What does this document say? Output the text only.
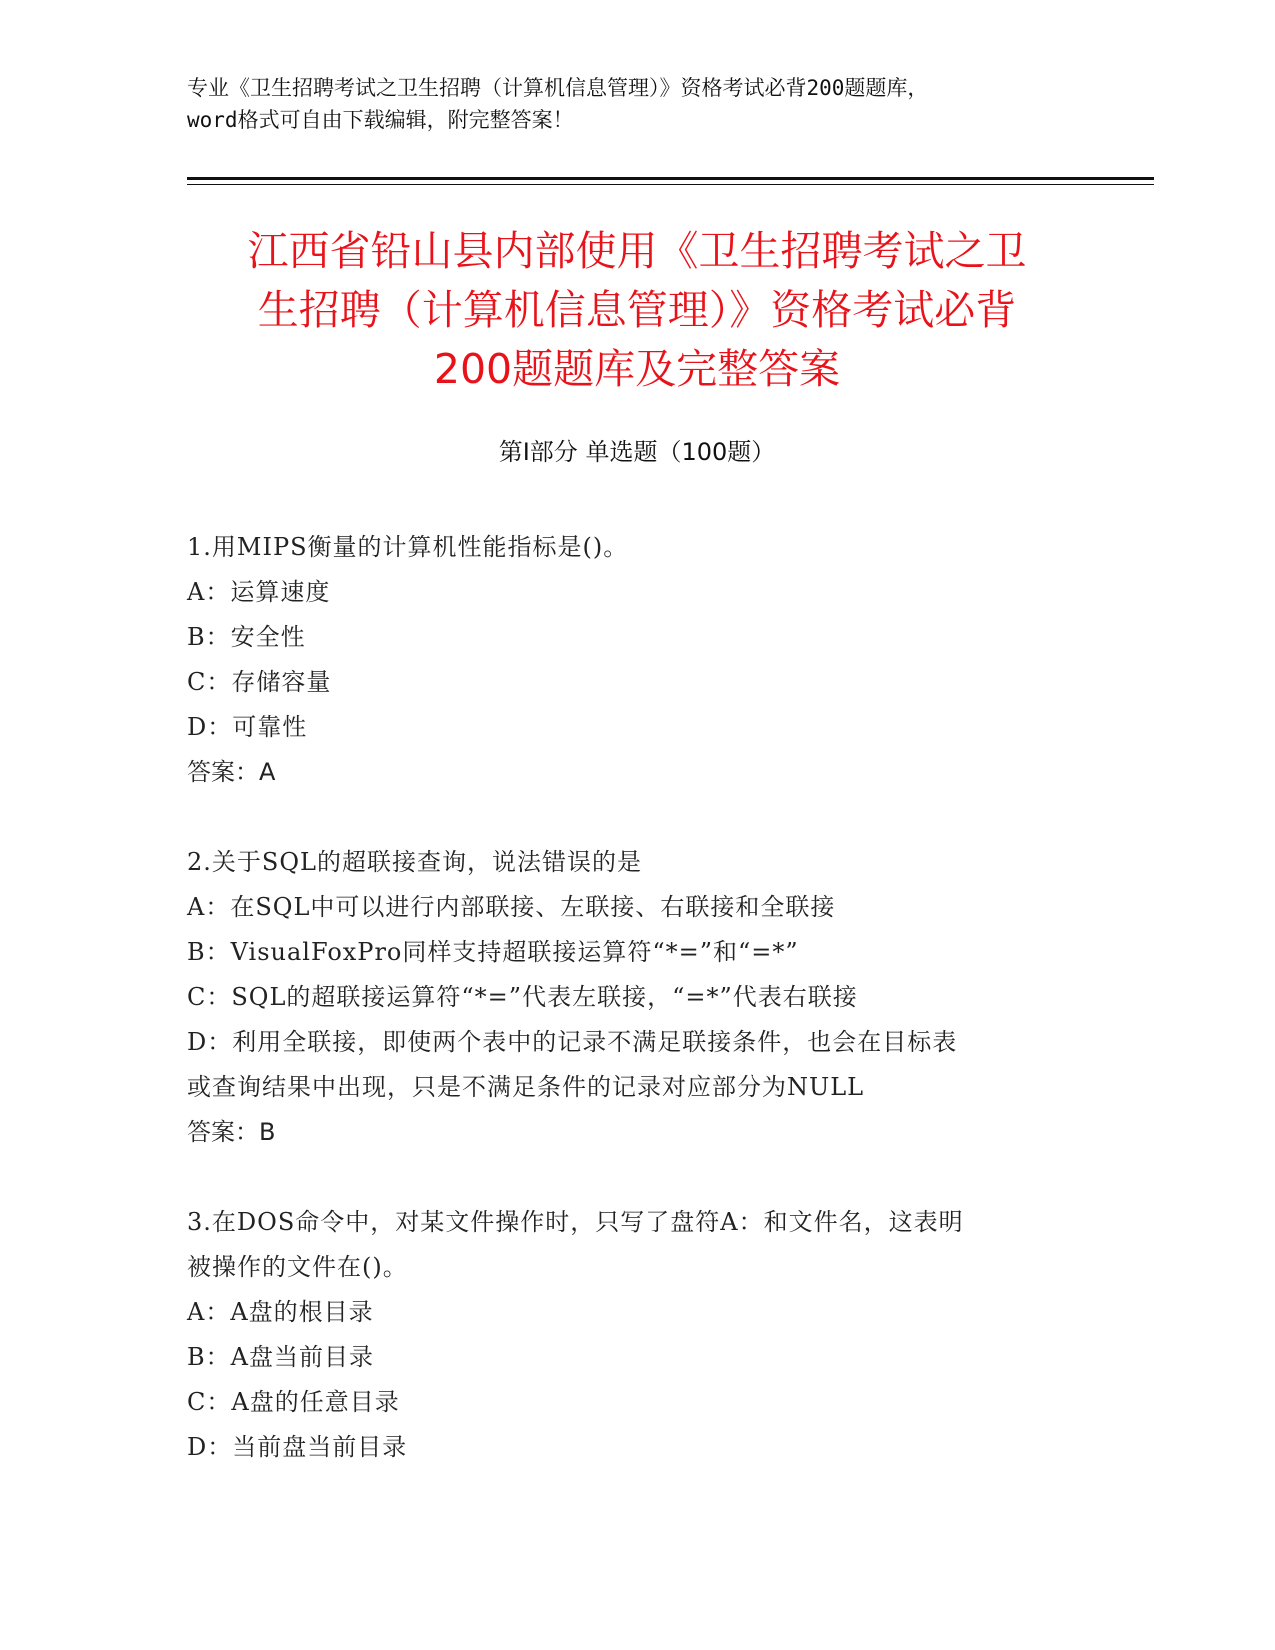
专业《卫生招聘考试之卫生招聘（计算机信息管理）》资格考试必背200题题库，
word格式可自由下载编辑，附完整答案！
江西省铅山县内部使用《卫生招聘考试之卫
生招聘（计算机信息管理）》资格考试必背
200题题库及完整答案
第Ⅰ部分 单选题（100题）
1.用MIPS衡量的计算机性能指标是()。
A：运算速度
B：安全性
C：存储容量
D：可靠性
答案：A
2.关于SQL的超联接查询，说法错误的是
A：在SQL中可以进行内部联接、左联接、右联接和全联接
B：VisualFoxPro同样支持超联接运算符“*=”和“=*”
C：SQL的超联接运算符“*=”代表左联接，“=*”代表右联接
D：利用全联接，即使两个表中的记录不满足联接条件，也会在目标表
或查询结果中出现，只是不满足条件的记录对应部分为NULL
答案：B
3.在DOS命令中，对某文件操作时，只写了盘符A：和文件名，这表明
被操作的文件在()。
A：A盘的根目录
B：A盘当前目录
C：A盘的任意目录
D：当前盘当前目录
